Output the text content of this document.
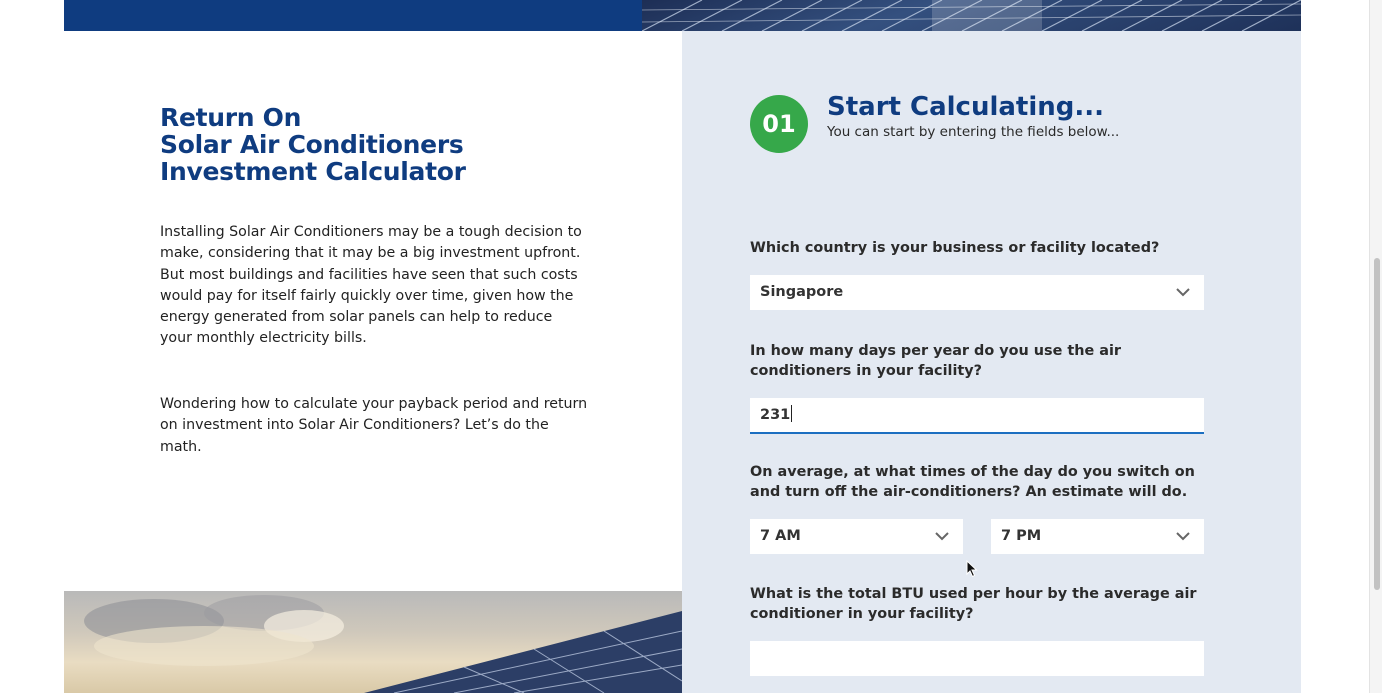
Return On
Solar Air Conditioners
Investment Calculator

Installing Solar Air Conditioners may be a tough decision to make, considering that it may be a big investment upfront. But most buildings and facilities have seen that such costs would pay for itself fairly quickly over time, given how the energy generated from solar panels can help to reduce your monthly electricity bills.

Wondering how to calculate your payback period and return on investment into Solar Air Conditioners? Let’s do the math.

01
Start Calculating...
You can start by entering the fields below...

Which country is your business or facility located?

Singapore

In how many days per year do you use the air conditioners in your facility?

231

On average, at what times of the day do you switch on and turn off the air-conditioners? An estimate will do.

7 AM	7 PM

What is the total BTU used per hour by the average air conditioner in your facility?
